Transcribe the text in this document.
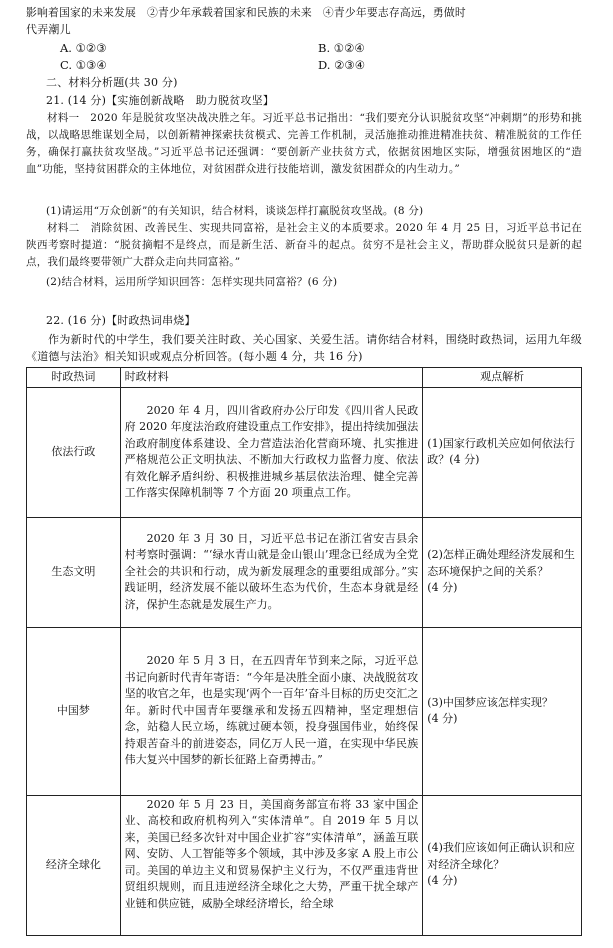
影响着国家的未来发展　②青少年承载着国家和民族的未来　④青少年要志存高远，勇做时
代弄潮儿
A. ①②③	B. ①②④
C. ①③④	D. ②③④
二、材料分析题(共 30 分)
21. (14 分)【实施创新战略　助力脱贫攻坚】
材料一　2020 年是脱贫攻坚决战决胜之年。习近平总书记指出：“我们要充分认识脱贫攻坚“冲刺期”的形势和挑战，以战略思维谋划全局，以创新精神探索扶贫模式、完善工作机制，灵活施推动推进精准扶贫、精准脱贫的工作任务，确保打赢扶贫攻坚战。”习近平总书记还强调：“要创新产业扶贫方式，依据贫困地区实际，增强贫困地区的“造血”功能，坚持贫困群众的主体地位，对贫困群众进行技能培训，激发贫困群众的内生动力。”
(1)请运用“万众创新”的有关知识，结合材料，谈谈怎样打赢脱贫攻坚战。(8 分)
材料二　消除贫困、改善民生、实现共同富裕，是社会主义的本质要求。2020 年 4 月 25 日，习近平总书记在陕西考察时提道：“脱贫摘帽不是终点，而是新生活、新奋斗的起点。贫穷不是社会主义，帮助群众脱贫只是新的起点，我们最终要带领广大群众走向共同富裕。”
(2)结合材料，运用所学知识回答：怎样实现共同富裕？(6 分)
22. (16 分)【时政热词串烧】
作为新时代的中学生，我们要关注时政、关心国家、关爱生活。请你结合材料，围绕时政热词，运用九年级《道德与法治》相关知识或观点分析回答。(每小题 4 分，共 16 分)
时政热词	时政材料	观点解析
依法行政	2020 年 4 月，四川省政府办公厅印发《四川省人民政府 2020 年度法治政府建设重点工作安排》，提出持续加强法治政府制度体系建设、全力营造法治化营商环境、扎实推进严格规范公正文明执法、不断加大行政权力监督力度、依法有效化解矛盾纠纷、积极推进城乡基层依法治理、健全完善工作落实保障机制等 7 个方面 20 项重点工作。	(1)国家行政机关应如何依法行政？(4 分)
生态文明	2020 年 3 月 30 日，习近平总书记在浙江省安吉县余村考察时强调：“‘绿水青山就是金山银山’理念已经成为全党全社会的共识和行动，成为新发展理念的重要组成部分。”实践证明，经济发展不能以破坏生态为代价，生态本身就是经济，保护生态就是发展生产力。	(2)怎样正确处理经济发展和生态环境保护之间的关系？
(4 分)
中国梦	2020 年 5 月 3 日，在五四青年节到来之际，习近平总书记向新时代青年寄语：“今年是决胜全面小康、决战脱贫攻坚的收官之年，也是实现‘两个一百年’奋斗目标的历史交汇之年。新时代中国青年要继承和发扬五四精神，坚定理想信念，站稳人民立场，练就过硬本领，投身强国伟业，始终保持艰苦奋斗的前进姿态，同亿万人民一道，在实现中华民族伟大复兴中国梦的新长征路上奋勇搏击。”	(3)中国梦应该怎样实现？
(4 分)
经济全球化	2020 年 5 月 23 日，美国商务部宣布将 33 家中国企业、高校和政府机构列入“实体清单”。自 2019 年 5 月以来，美国已经多次针对中国企业扩容“实体清单”，涵盖互联网、安防、人工智能等多个领域，其中涉及多家 A 股上市公司。美国的单边主义和贸易保护主义行为，不仅严重违背世贸组织规则，而且违逆经济全球化之大势，严重干扰全球产业链和供应链，威胁全球经济增长，给全球	(4)我们应该如何正确认识和应对经济全球化？
(4 分)
